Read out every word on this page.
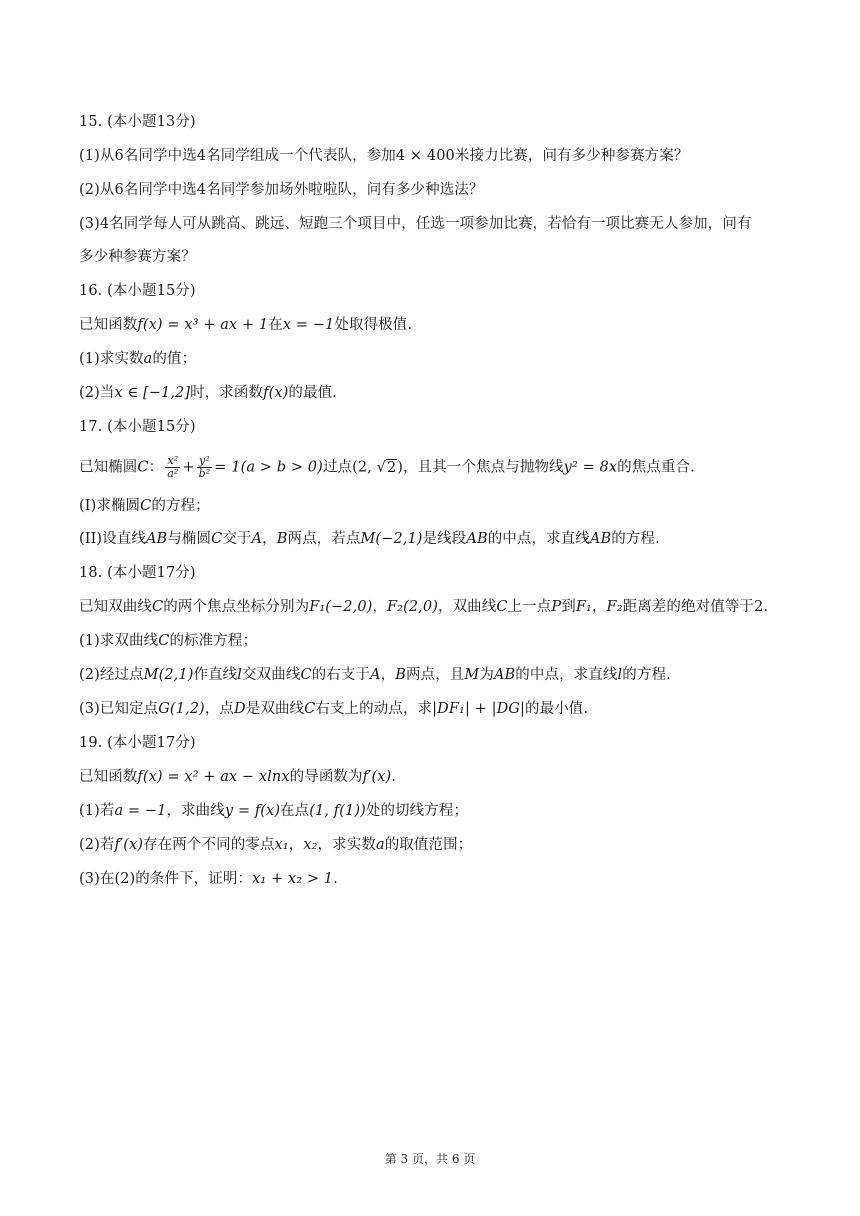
15. (本小题13分)
(1)从6名同学中选4名同学组成一个代表队，参加4 × 400米接力比赛，问有多少种参赛方案？
(2)从6名同学中选4名同学参加场外啦啦队，问有多少种选法？
(3)4名同学每人可从跳高、跳远、短跑三个项目中，任选一项参加比赛，若恰有一项比赛无人参加，问有
多少种参赛方案？
16. (本小题15分)
已知函数f(x) = x³ + ax + 1在x = −1处取得极值.
(1)求实数a的值；
(2)当x ∈ [−1,2]时，求函数f(x)的最值.
17. (本小题15分)
已知椭圆C： $\frac{\text{x²}}{\text{a²}} + \frac{\text{y²}}{\text{b²}} = 1(a > b > 0)$过点(2, √2)，且其一个焦点与抛物线y² = 8x的焦点重合.
(I)求椭圆C的方程；
(II)设直线AB与椭圆C交于A，B两点，若点M(−2,1)是线段AB的中点，求直线AB的方程.
18. (本小题17分)
已知双曲线C的两个焦点坐标分别为F₁(−2,0)，F₂(2,0)，双曲线C上一点P到F₁，F₂距离差的绝对值等于2.
(1)求双曲线C的标准方程；
(2)经过点M(2,1)作直线l交双曲线C的右支于A，B两点，且M为AB的中点，求直线l的方程.
(3)已知定点G(1,2)，点D是双曲线C右支上的动点，求|DF₁| + |DG|的最小值.
19. (本小题17分)
已知函数f(x) = x² + ax − xlnx的导函数为f′(x).
(1)若a = −1，求曲线y = f(x)在点(1, f(1))处的切线方程；
(2)若f′(x)存在两个不同的零点x₁，x₂，求实数a的取值范围；
(3)在(2)的条件下，证明：x₁ + x₂ > 1.
第 3 页，共 6 页
